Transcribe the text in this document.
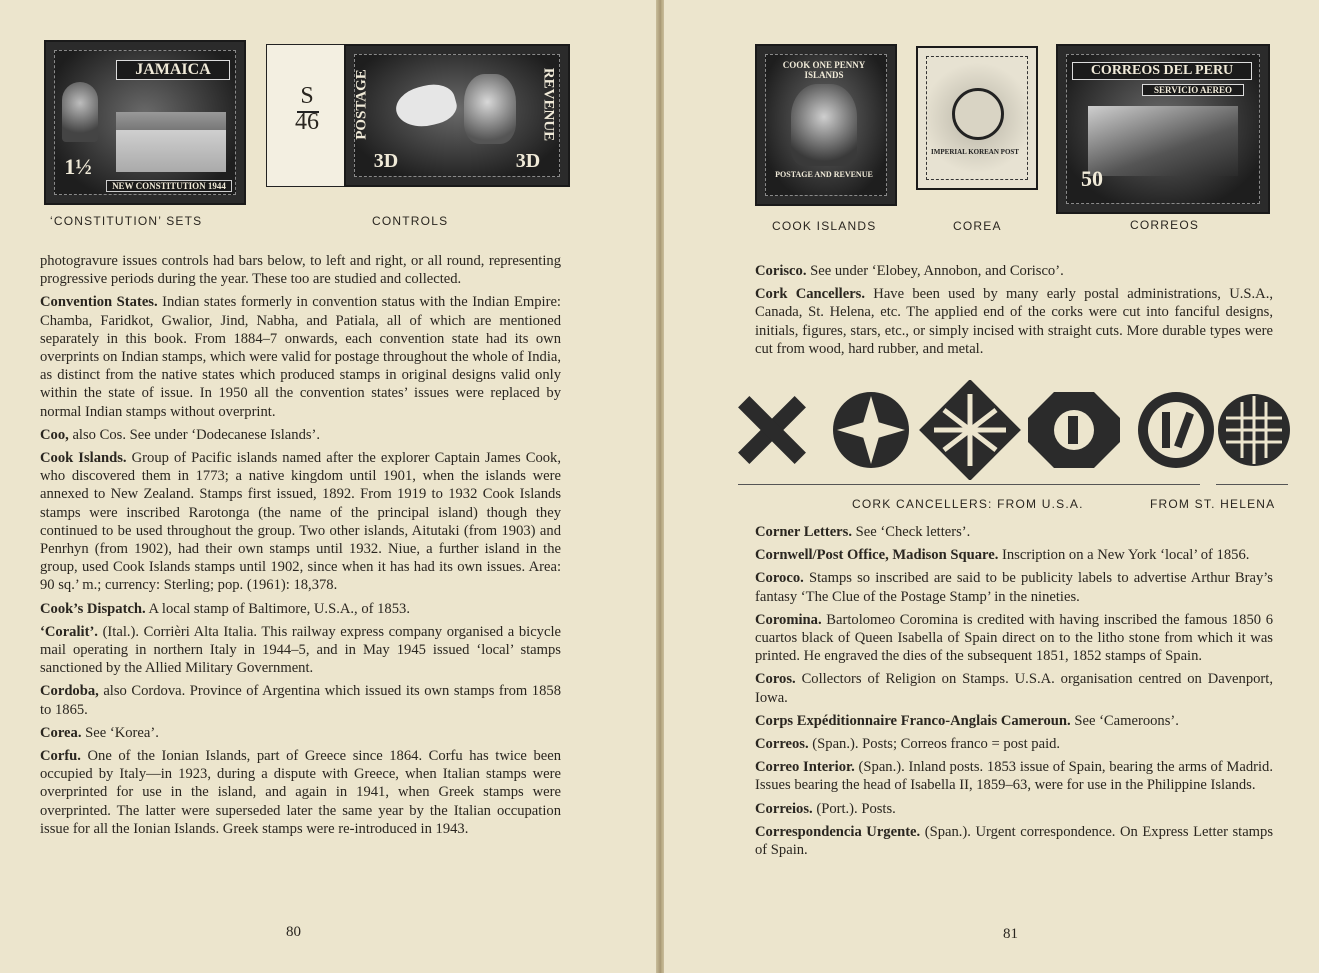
JAMAICA
1½
NEW CONSTITUTION 1944
‘CONSTITUTION’ SETS
S
46	POSTAGE	REVENUE
3D	3D
CONTROLS

photogravure issues controls had bars below, to left and right, or all round, representing progressive periods during the year. These too are studied and collected.

Convention States. Indian states formerly in convention status with the Indian Empire: Chamba, Faridkot, Gwalior, Jind, Nabha, and Patiala, all of which are mentioned separately in this book. From 1884–7 onwards, each convention state had its own overprints on Indian stamps, which were valid for postage throughout the whole of India, as distinct from the native states which produced stamps in original designs valid only within the state of issue. In 1950 all the convention states’ issues were replaced by normal Indian stamps without overprint.

Coo, also Cos. See under ‘Dodecanese Islands’.

Cook Islands. Group of Pacific islands named after the explorer Captain James Cook, who discovered them in 1773; a native kingdom until 1901, when the islands were annexed to New Zealand. Stamps first issued, 1892. From 1919 to 1932 Cook Islands stamps were inscribed Rarotonga (the name of the principal island) though they continued to be used throughout the group. Two other islands, Aitutaki (from 1903) and Penrhyn (from 1902), had their own stamps until 1932. Niue, a further island in the group, used Cook Islands stamps until 1902, since when it has had its own issues. Area: 90 sq.’ m.; currency: Sterling; pop. (1961): 18,378.

Cook’s Dispatch. A local stamp of Baltimore, U.S.A., of 1853.

‘Coralit’. (Ital.). Corrièri Alta Italia. This railway express company organised a bicycle mail operating in northern Italy in 1944–5, and in May 1945 issued ‘local’ stamps sanctioned by the Allied Military Government.

Cordoba, also Cordova. Province of Argentina which issued its own stamps from 1858 to 1865.

Corea. See ‘Korea’.

Corfu. One of the Ionian Islands, part of Greece since 1864. Corfu has twice been occupied by Italy—in 1923, during a dispute with Greece, when Italian stamps were overprinted for use in the island, and again in 1941, when Greek stamps were overprinted. The latter were superseded later the same year by the Italian occupation issue for all the Ionian Islands. Greek stamps were re-introduced in 1943.

80
COOK ONE PENNY ISLANDS
POSTAGE AND REVENUE
COOK ISLANDS
IMPERIAL KOREAN POST
COREA
CORREOS DEL PERU
SERVICIO AEREO
50
CORREOS

Corisco. See under ‘Elobey, Annobon, and Corisco’.

Cork Cancellers. Have been used by many early postal administrations, U.S.A., Canada, St. Helena, etc. The applied end of the corks were cut into fanciful designs, initials, figures, stars, etc., or simply incised with straight cuts. More durable types were cut from wood, hard rubber, and metal.

CORK CANCELLERS: FROM U.S.A.	FROM ST. HELENA

Corner Letters. See ‘Check letters’.

Cornwell/Post Office, Madison Square. Inscription on a New York ‘local’ of 1856.

Coroco. Stamps so inscribed are said to be publicity labels to advertise Arthur Bray’s fantasy ‘The Clue of the Postage Stamp’ in the nineties.

Coromina. Bartolomeo Coromina is credited with having inscribed the famous 1850 6 cuartos black of Queen Isabella of Spain direct on to the litho stone from which it was printed. He engraved the dies of the subsequent 1851, 1852 stamps of Spain.

Coros. Collectors of Religion on Stamps. U.S.A. organisation centred on Davenport, Iowa.

Corps Expéditionnaire Franco-Anglais Cameroun. See ‘Cameroons’.

Correos. (Span.). Posts; Correos franco = post paid.

Correo Interior. (Span.). Inland posts. 1853 issue of Spain, bearing the arms of Madrid. Issues bearing the head of Isabella II, 1859–63, were for use in the Philippine Islands.

Correios. (Port.). Posts.

Correspondencia Urgente. (Span.). Urgent correspondence. On Express Letter stamps of Spain.

81
